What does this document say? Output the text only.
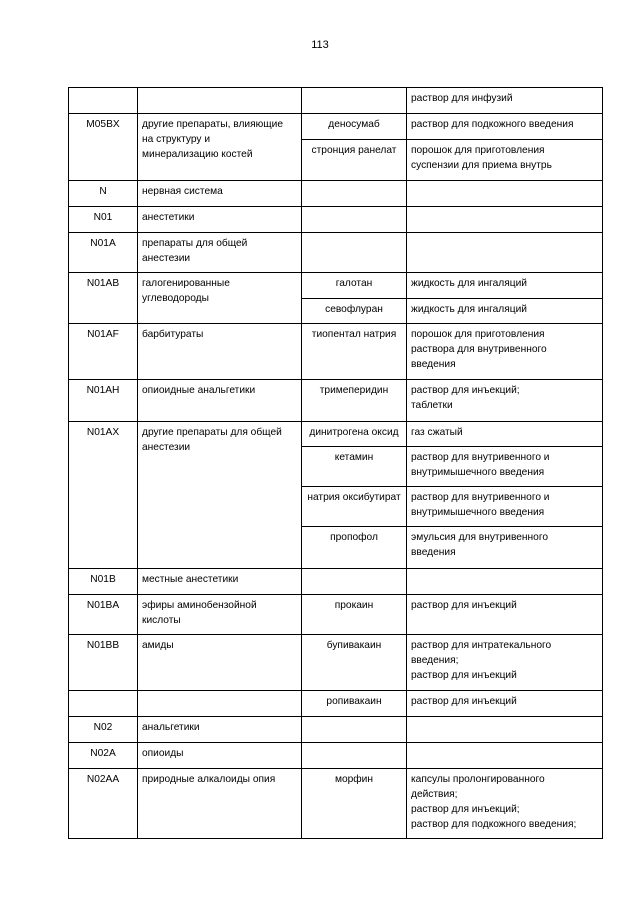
113

			раствор для инфузий

M05BX	другие препараты, влияющие
на структуру и
минерализацию костей	деносумаб	раствор для подкожного введения

		стронция ранелат	порошок для приготовления
суспензии для приема внутрь

N	нервная система		

N01	анестетики		

N01A	препараты для общей
анестезии		

N01AB	галогенированные
углеводороды	галотан	жидкость для ингаляций

		севофлуран	жидкость для ингаляций

N01AF	барбитураты	тиопентал натрия	порошок для приготовления
раствора для внутривенного
введения

N01AH	опиоидные анальгетики	тримеперидин	раствор для инъекций;
таблетки

N01AX	другие препараты для общей
анестезии	динитрогена оксид	газ сжатый

		кетамин	раствор для внутривенного и
внутримышечного введения

		натрия оксибутират	раствор для внутривенного и
внутримышечного введения

		пропофол	эмульсия для внутривенного
введения

N01B	местные анестетики		

N01BA	эфиры аминобензойной
кислоты	прокаин	раствор для инъекций

N01BB	амиды	бупивакаин	раствор для интратекального
введения;
раствор для инъекций

		ропивакаин	раствор для инъекций

N02	анальгетики		

N02A	опиоиды		

N02AA	природные алкалоиды опия	морфин	капсулы пролонгированного
действия;
раствор для инъекций;
раствор для подкожного введения;
